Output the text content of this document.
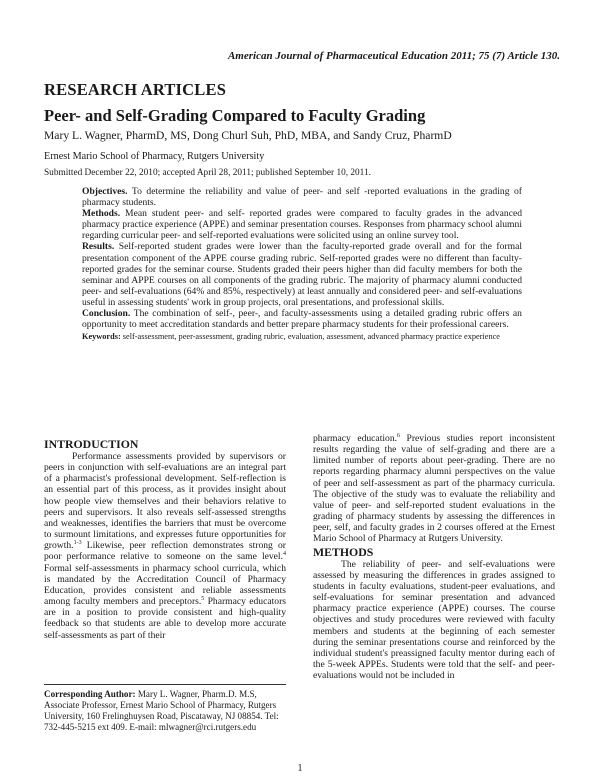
American Journal of Pharmaceutical Education 2011; 75 (7) Article 130.
RESEARCH ARTICLES
Peer- and Self-Grading Compared to Faculty Grading
Mary L. Wagner, PharmD, MS, Dong Churl Suh, PhD, MBA, and Sandy Cruz, PharmD
Ernest Mario School of Pharmacy, Rutgers University
Submitted December 22, 2010; accepted April 28, 2011; published September 10, 2011.

Objectives. To determine the reliability and value of peer- and self -reported evaluations in the grading of pharmacy students.

Methods. Mean student peer- and self- reported grades were compared to faculty grades in the advanced pharmacy practice experience (APPE) and seminar presentation courses. Responses from pharmacy school alumni regarding curricular peer- and self-reported evaluations were solicited using an online survey tool.

Results. Self-reported student grades were lower than the faculty-reported grade overall and for the formal presentation component of the APPE course grading rubric. Self-reported grades were no different than faculty-reported grades for the seminar course. Students graded their peers higher than did faculty members for both the seminar and APPE courses on all components of the grading rubric. The majority of pharmacy alumni conducted peer- and self-evaluations (64% and 85%, respectively) at least annually and considered peer- and self-evaluations useful in assessing students' work in group projects, oral presentations, and professional skills.

Conclusion. The combination of self-, peer-, and faculty-assessments using a detailed grading rubric offers an opportunity to meet accreditation standards and better prepare pharmacy students for their professional careers.

Keywords: self-assessment, peer-assessment, grading rubric, evaluation, assessment, advanced pharmacy practice experience

INTRODUCTION

Performance assessments provided by supervisors or peers in conjunction with self-evaluations are an integral part of a pharmacist's professional development. Self-reflection is an essential part of this process, as it provides insight about how people view themselves and their behaviors relative to peers and supervisors. It also reveals self-assessed strengths and weaknesses, identifies the barriers that must be overcome to surmount limitations, and expresses future opportunities for growth.$^{1-3}$ Likewise, peer reflection demonstrates strong or poor performance relative to someone on the same level.$^4$ Formal self-assessments in pharmacy school curricula, which is mandated by the Accreditation Council of Pharmacy Education, provides consistent and reliable assessments among faculty members and preceptors.$^5$ Pharmacy educators are in a position to provide consistent and high-quality feedback so that students are able to develop more accurate self-assessments as part of their

Corresponding Author: Mary L. Wagner, Pharm.D. M.S, Associate Professor, Ernest Mario School of Pharmacy, Rutgers University, 160 Frelinghuysen Road, Piscataway, NJ 08854. Tel: 732-445-5215 ext 409. E-mail: mlwagner@rci.rutgers.edu

pharmacy education.$^6$ Previous studies report inconsistent results regarding the value of self-grading and there are a limited number of reports about peer-grading. There are no reports regarding pharmacy alumni perspectives on the value of peer and self-assessment as part of the pharmacy curricula. The objective of the study was to evaluate the reliability and value of peer- and self-reported student evaluations in the grading of pharmacy students by assessing the differences in peer, self, and faculty grades in 2 courses offered at the Ernest Mario School of Pharmacy at Rutgers University.

METHODS

The reliability of peer- and self-evaluations were assessed by measuring the differences in grades assigned to students in faculty evaluations, student-peer evaluations, and self-evaluations for seminar presentation and advanced pharmacy practice experience (APPE) courses. The course objectives and study procedures were reviewed with faculty members and students at the beginning of each semester during the seminar presentations course and reinforced by the individual student's preassigned faculty mentor during each of the 5-week APPEs. Students were told that the self- and peer-evaluations would not be included in

1
